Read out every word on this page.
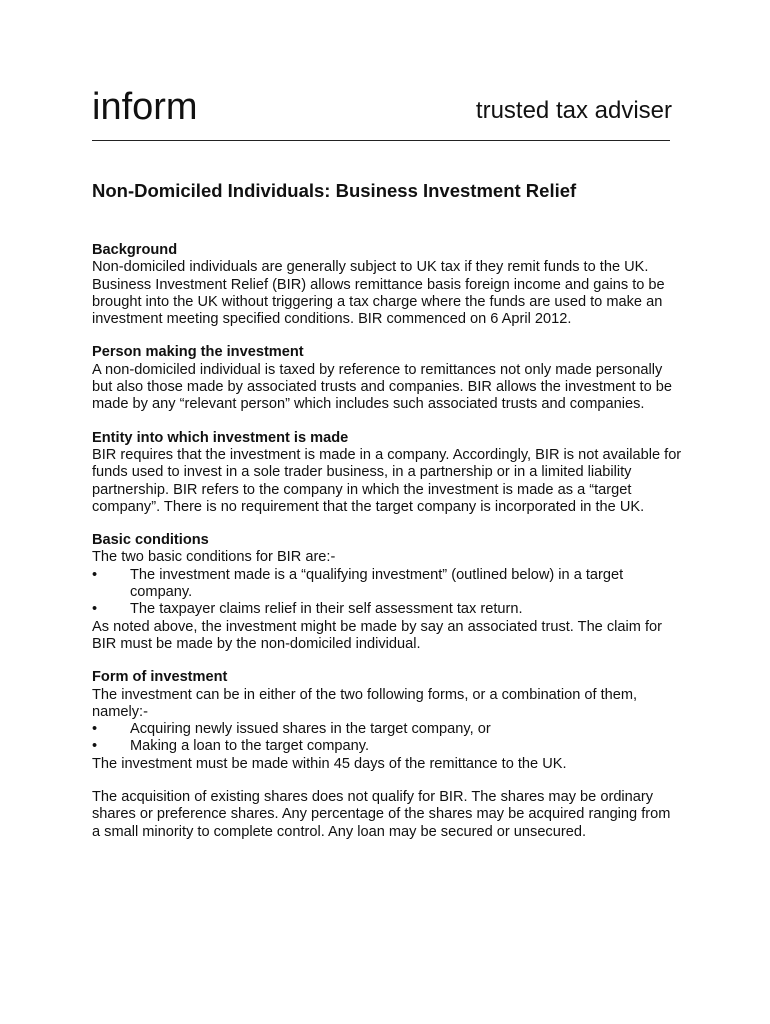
inform	trusted tax adviser
Non-Domiciled Individuals: Business Investment Relief

Background

Non-domiciled individuals are generally subject to UK tax if they remit funds to the UK. Business Investment Relief (BIR) allows remittance basis foreign income and gains to be brought into the UK without triggering a tax charge where the funds are used to make an investment meeting specified conditions. BIR commenced on 6 April 2012.

Person making the investment

A non-domiciled individual is taxed by reference to remittances not only made personally but also those made by associated trusts and companies. BIR allows the investment to be made by any “relevant person” which includes such associated trusts and companies.

Entity into which investment is made

BIR requires that the investment is made in a company. Accordingly, BIR is not available for funds used to invest in a sole trader business, in a partnership or in a limited liability partnership. BIR refers to the company in which the investment is made as a “target company”. There is no requirement that the target company is incorporated in the UK.

Basic conditions

The two basic conditions for BIR are:-

•	The investment made is a “qualifying investment” (outlined below) in a target company.
•	The taxpayer claims relief in their self assessment tax return.

As noted above, the investment might be made by say an associated trust. The claim for BIR must be made by the non-domiciled individual.

Form of investment

The investment can be in either of the two following forms, or a combination of them, namely:-

•	Acquiring newly issued shares in the target company, or
•	Making a loan to the target company.

The investment must be made within 45 days of the remittance to the UK.

The acquisition of existing shares does not qualify for BIR. The shares may be ordinary shares or preference shares. Any percentage of the shares may be acquired ranging from a small minority to complete control. Any loan may be secured or unsecured.
